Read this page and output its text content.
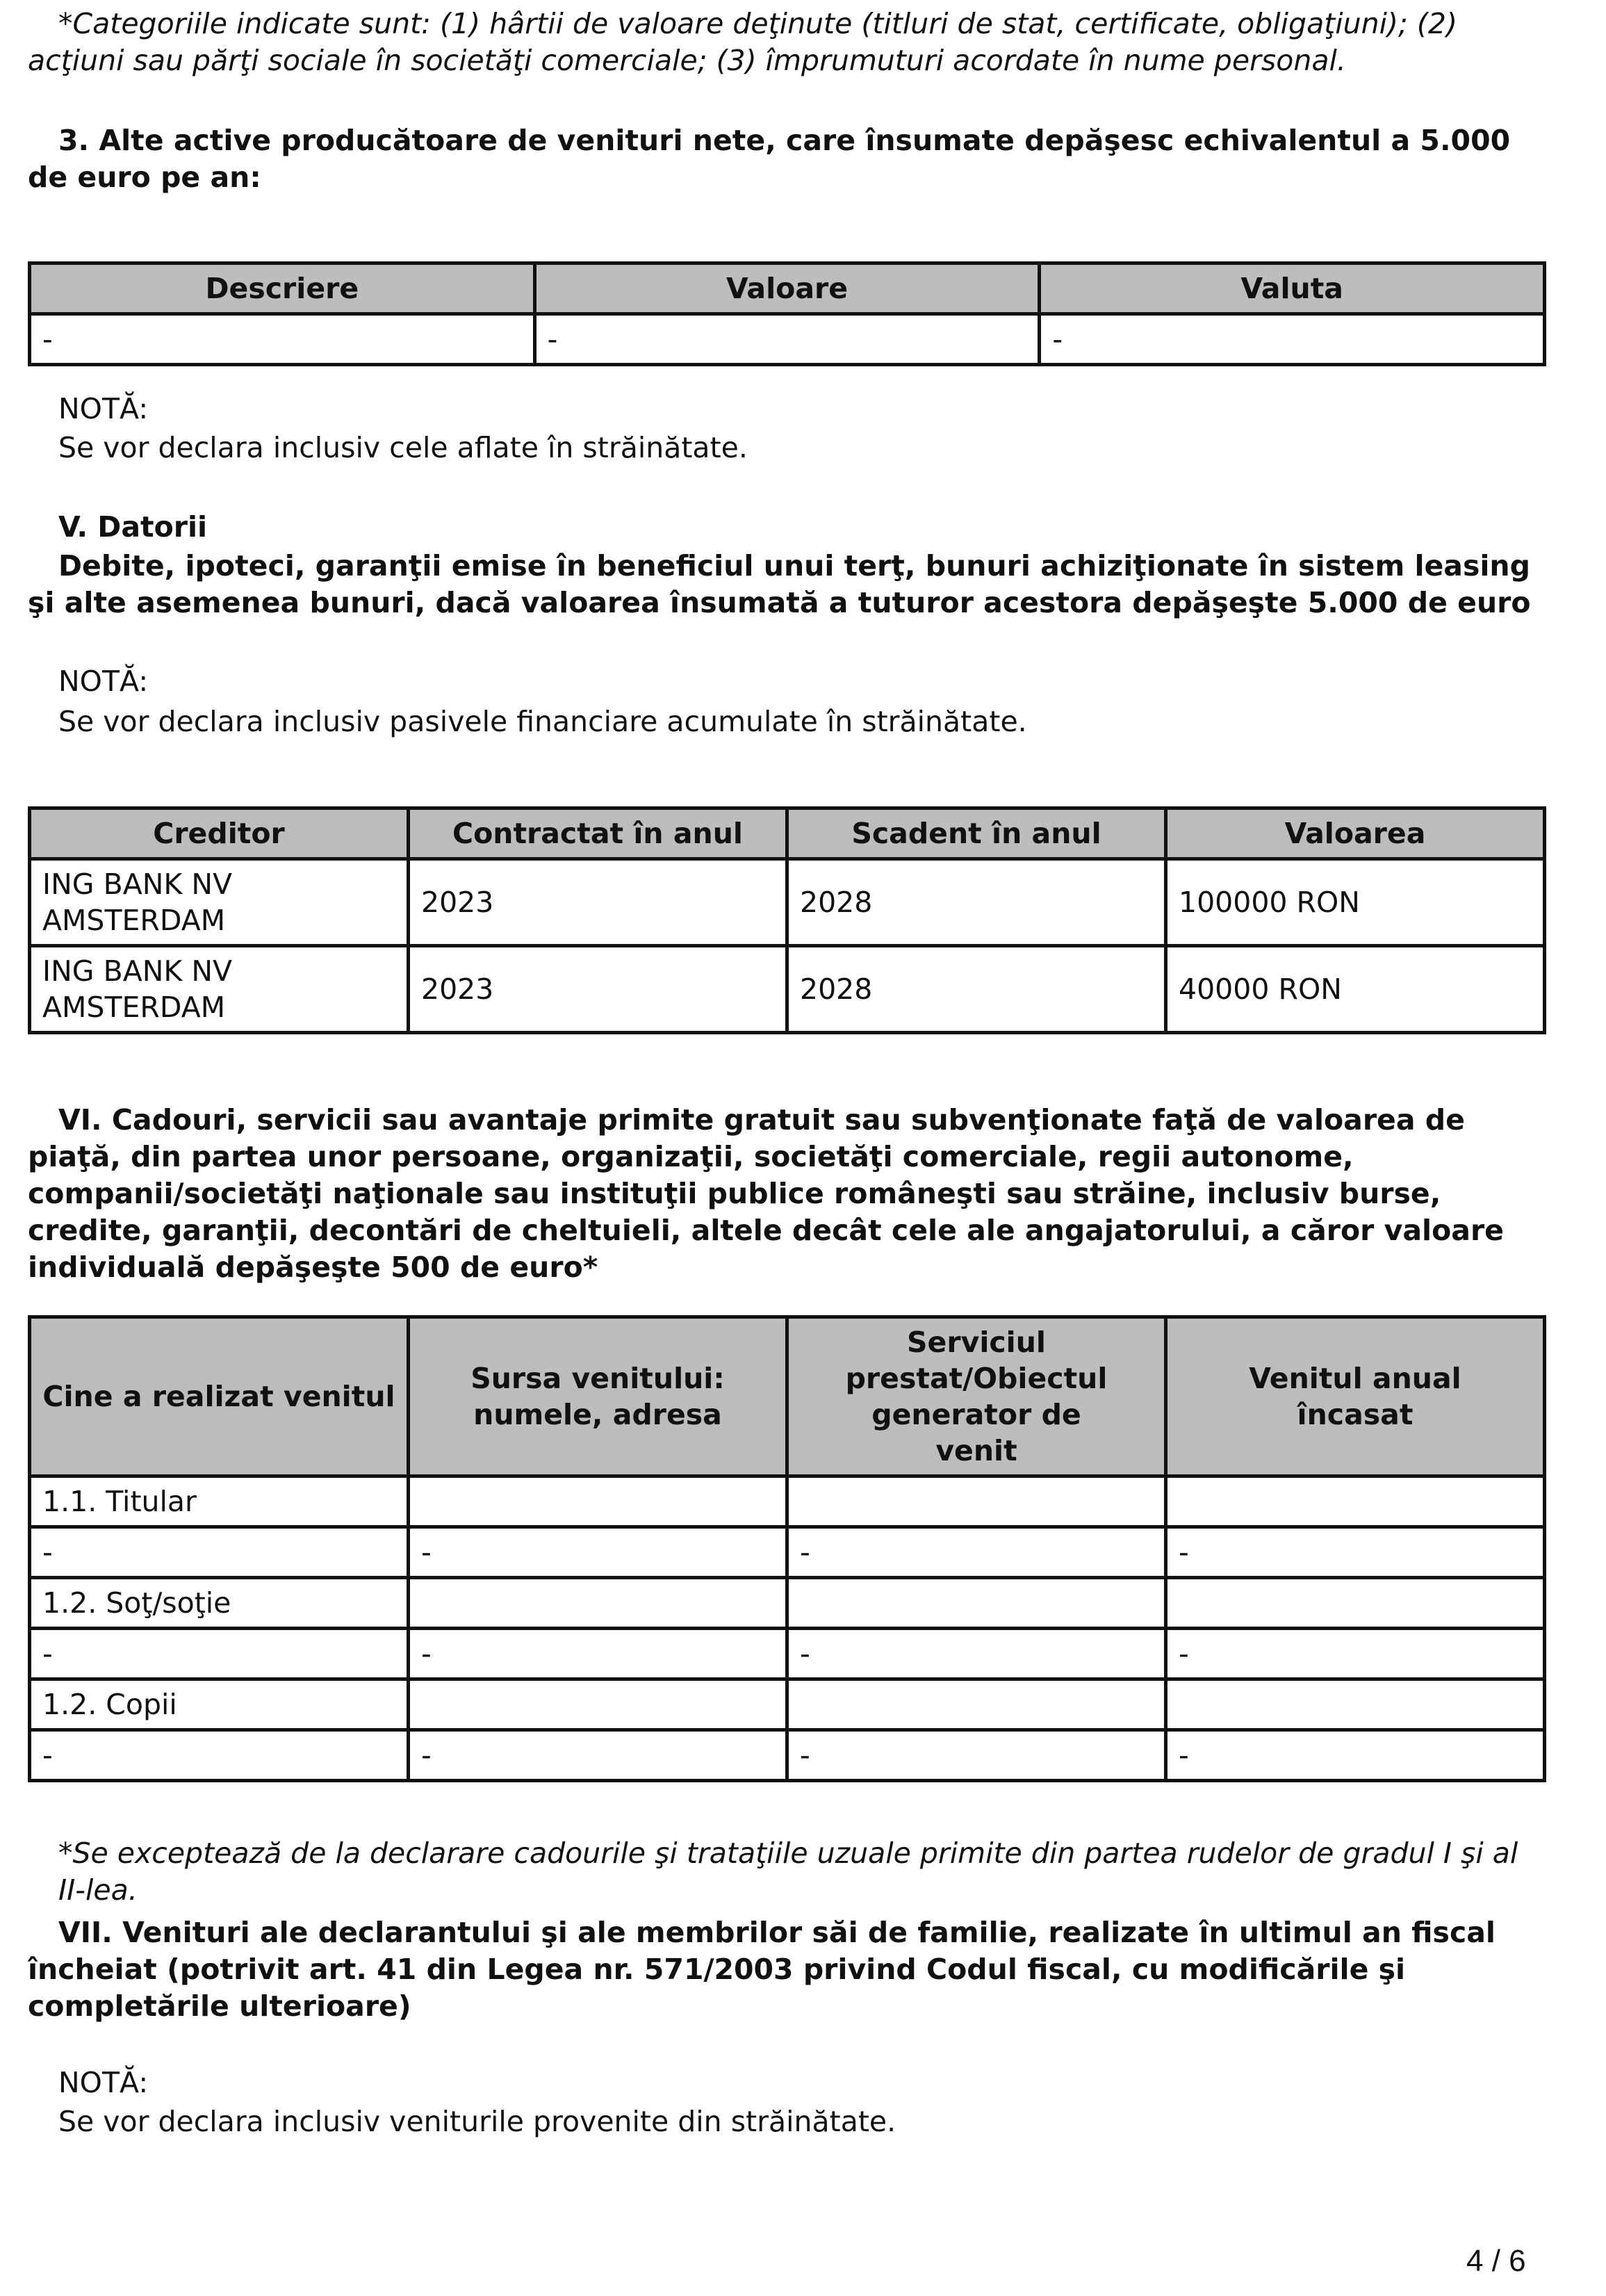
*Categoriile indicate sunt: (1) hârtii de valoare deţinute (titluri de stat, certificate, obligaţiuni); (2) acţiuni sau părţi sociale în societăţi comerciale; (3) împrumuturi acordate în nume personal.

3. Alte active producătoare de venituri nete, care însumate depăşesc echivalentul a 5.000 de euro pe an:

Descriere	Valoare	Valuta
-	-	-

NOTĂ:

Se vor declara inclusiv cele aflate în străinătate.

V. Datorii

Debite, ipoteci, garanţii emise în beneficiul unui terţ, bunuri achiziţionate în sistem leasing şi alte asemenea bunuri, dacă valoarea însumată a tuturor acestora depăşeşte 5.000 de euro

NOTĂ:

Se vor declara inclusiv pasivele financiare acumulate în străinătate.

Creditor	Contractat în anul	Scadent în anul	Valoarea
ING BANK NV AMSTERDAM	2023	2028	100000 RON
ING BANK NV AMSTERDAM	2023	2028	40000 RON

VI. Cadouri, servicii sau avantaje primite gratuit sau subvenţionate faţă de valoarea de piaţă, din partea unor persoane, organizaţii, societăţi comerciale, regii autonome, companii/societăţi naţionale sau instituţii publice româneşti sau străine, inclusiv burse, credite, garanţii, decontări de cheltuieli, altele decât cele ale angajatorului, a căror valoare individuală depăşeşte 500 de euro*

Cine a realizat venitul	Sursa venitului: numele, adresa	Serviciul prestat/Obiectul generator de venit	Venitul anual încasat
1.1. Titular			
-	-	-	-
1.2. Soţ/soţie			
-	-	-	-
1.2. Copii			
-	-	-	-

*Se exceptează de la declarare cadourile şi trataţiile uzuale primite din partea rudelor de gradul I şi al II-lea.

VII. Venituri ale declarantului şi ale membrilor săi de familie, realizate în ultimul an fiscal încheiat (potrivit art. 41 din Legea nr. 571/2003 privind Codul fiscal, cu modificările şi completările ulterioare)

NOTĂ:

Se vor declara inclusiv veniturile provenite din străinătate.

4 / 6
